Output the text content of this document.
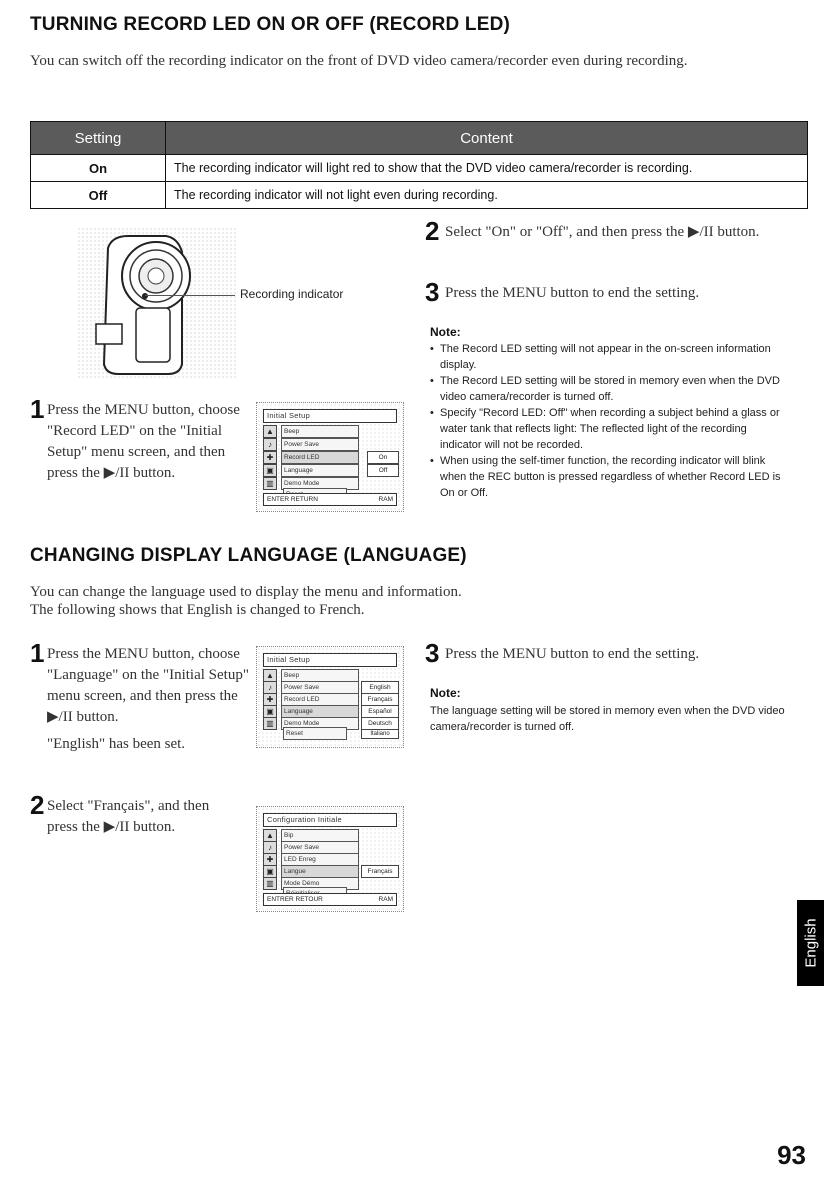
TURNING RECORD LED ON OR OFF (RECORD LED)
You can switch off the recording indicator on the front of DVD video camera/recorder even during recording.
Setting	Content
On	The recording indicator will light red to show that the DVD video camera/recorder is recording.
Off	The recording indicator will not light even during recording.
Recording indicator
1 Press the MENU button, choose "Record LED" on the "Initial Setup" menu screen, and then press the ▶/II button.
Initial Setup
▲	Beep
♪	Power Save
✚	Record LED
▣	Language
▥	Demo Mode
On
Off
ENTER RETURN	RAM
2 Select "On" or "Off", and then press the ▶/II button.
3 Press the MENU button to end the setting.
Note:
• The Record LED setting will not appear in the on-screen information display.
• The Record LED setting will be stored in memory even when the DVD video camera/recorder is turned off.
• Specify "Record LED: Off" when recording a subject behind a glass or water tank that reflects light: The reflected light of the recording indicator will not be recorded.
• When using the self-timer function, the recording indicator will blink when the REC button is pressed regardless of whether Record LED is On or Off.
CHANGING DISPLAY LANGUAGE (LANGUAGE)
You can change the language used to display the menu and information.
The following shows that English is changed to French.
1 Press the MENU button, choose "Language" on the "Initial Setup" menu screen, and then press the ▶/II button.
"English" has been set.
Initial Setup
▲	Beep
♪	Power Save
✚	Record LED
▣	Language
▥	Demo Mode
Reset
English
Français
Español
Deutsch
Italiano
2 Select "Français", and then press the ▶/II button.	Configuration Initiale
▲	Bip
♪	Power Save
✚	LED Enreg
▣	Langue
▥	Mode Démo
Français
ENTRER RETOUR	RAM
3 Press the MENU button to end the setting.
Note:
The language setting will be stored in memory even when the DVD video camera/recorder is turned off.
English
93
